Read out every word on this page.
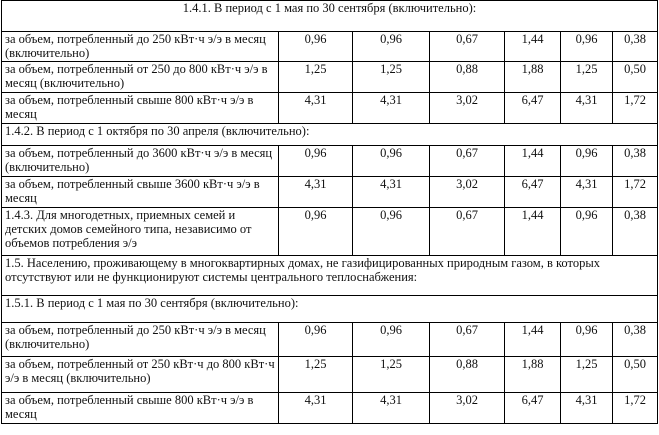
1.4.1. В период с 1 мая по 30 сентября (включительно):						
за объем, потребленный до 250 кВт·ч э/э в месяц (включительно)	0,96	0,96	0,67	1,44	0,96	0,38
за объем, потребленный от 250 до 800 кВт·ч э/э в месяц (включительно)	1,25	1,25	0,88	1,88	1,25	0,50
за объем, потребленный свыше 800 кВт·ч э/э в месяц	4,31	4,31	3,02	6,47	4,31	1,72
1.4.2. В период с 1 октября по 30 апреля (включительно):						
за объем, потребленный до 3600 кВт·ч э/э в месяц (включительно)	0,96	0,96	0,67	1,44	0,96	0,38
за объем, потребленный свыше 3600 кВт·ч э/э в месяц	4,31	4,31	3,02	6,47	4,31	1,72
1.4.3. Для многодетных, приемных семей и детских домов семейного типа, независимо от объемов потребления э/э	0,96	0,96	0,67	1,44	0,96	0,38
1.5. Населению, проживающему в многоквартирных домах, не газифицированных природным газом, в которых отсутствуют или не функционируют системы центрального теплоснабжения:						
1.5.1. В период с 1 мая по 30 сентября (включительно):						
за объем, потребленный до 250 кВт·ч э/э в месяц (включительно)	0,96	0,96	0,67	1,44	0,96	0,38
за объем, потребленный от 250 кВт·ч до 800 кВт·ч э/э в месяц (включительно)	1,25	1,25	0,88	1,88	1,25	0,50
за объем, потребленный свыше 800 кВт·ч э/э в месяц	4,31	4,31	3,02	6,47	4,31	1,72
